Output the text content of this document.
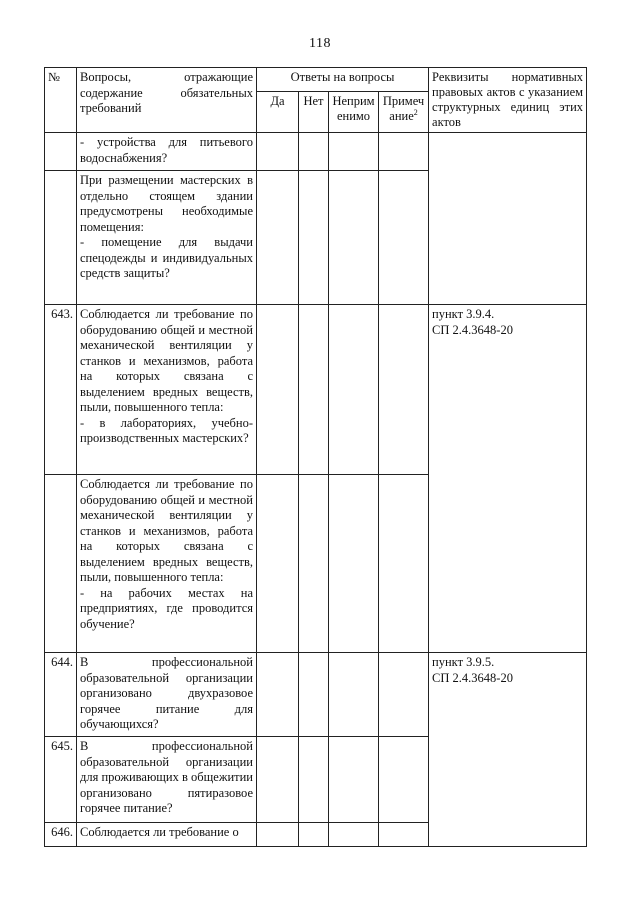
118
№	Вопросы, отражающие содержание обязательных требований	Ответы на вопросы				Реквизиты нормативных правовых актов с указанием структурных единиц этих актов
		Да	Нет	Неприм енимо	Примеч ание$^2$
	- устройства для питьевого водоснабжения?					
	При размещении мастерских в отдельно стоящем здании предусмотрены необходимые помещения:
- помещение для выдачи спецодежды и индивидуальных средств защиты?					
643.	Соблюдается ли требование по оборудованию общей и местной механической вентиляции у станков и механизмов, работа на которых связана с выделением вредных веществ, пыли, повышенного тепла:
- в лабораториях, учебно-производственных мастерских?					пункт 3.9.4.
СП 2.4.3648-20
	Соблюдается ли требование по оборудованию общей и местной механической вентиляции у станков и механизмов, работа на которых связана с выделением вредных веществ, пыли, повышенного тепла:
- на рабочих местах на предприятиях, где проводится обучение?					
644.	В профессиональной образовательной организации организовано двухразовое горячее питание для обучающихся?					пункт 3.9.5.
СП 2.4.3648-20
645.	В профессиональной образовательной организации для проживающих в общежитии организовано пятиразовое горячее питание?					
646.	Соблюдается ли требование о					
